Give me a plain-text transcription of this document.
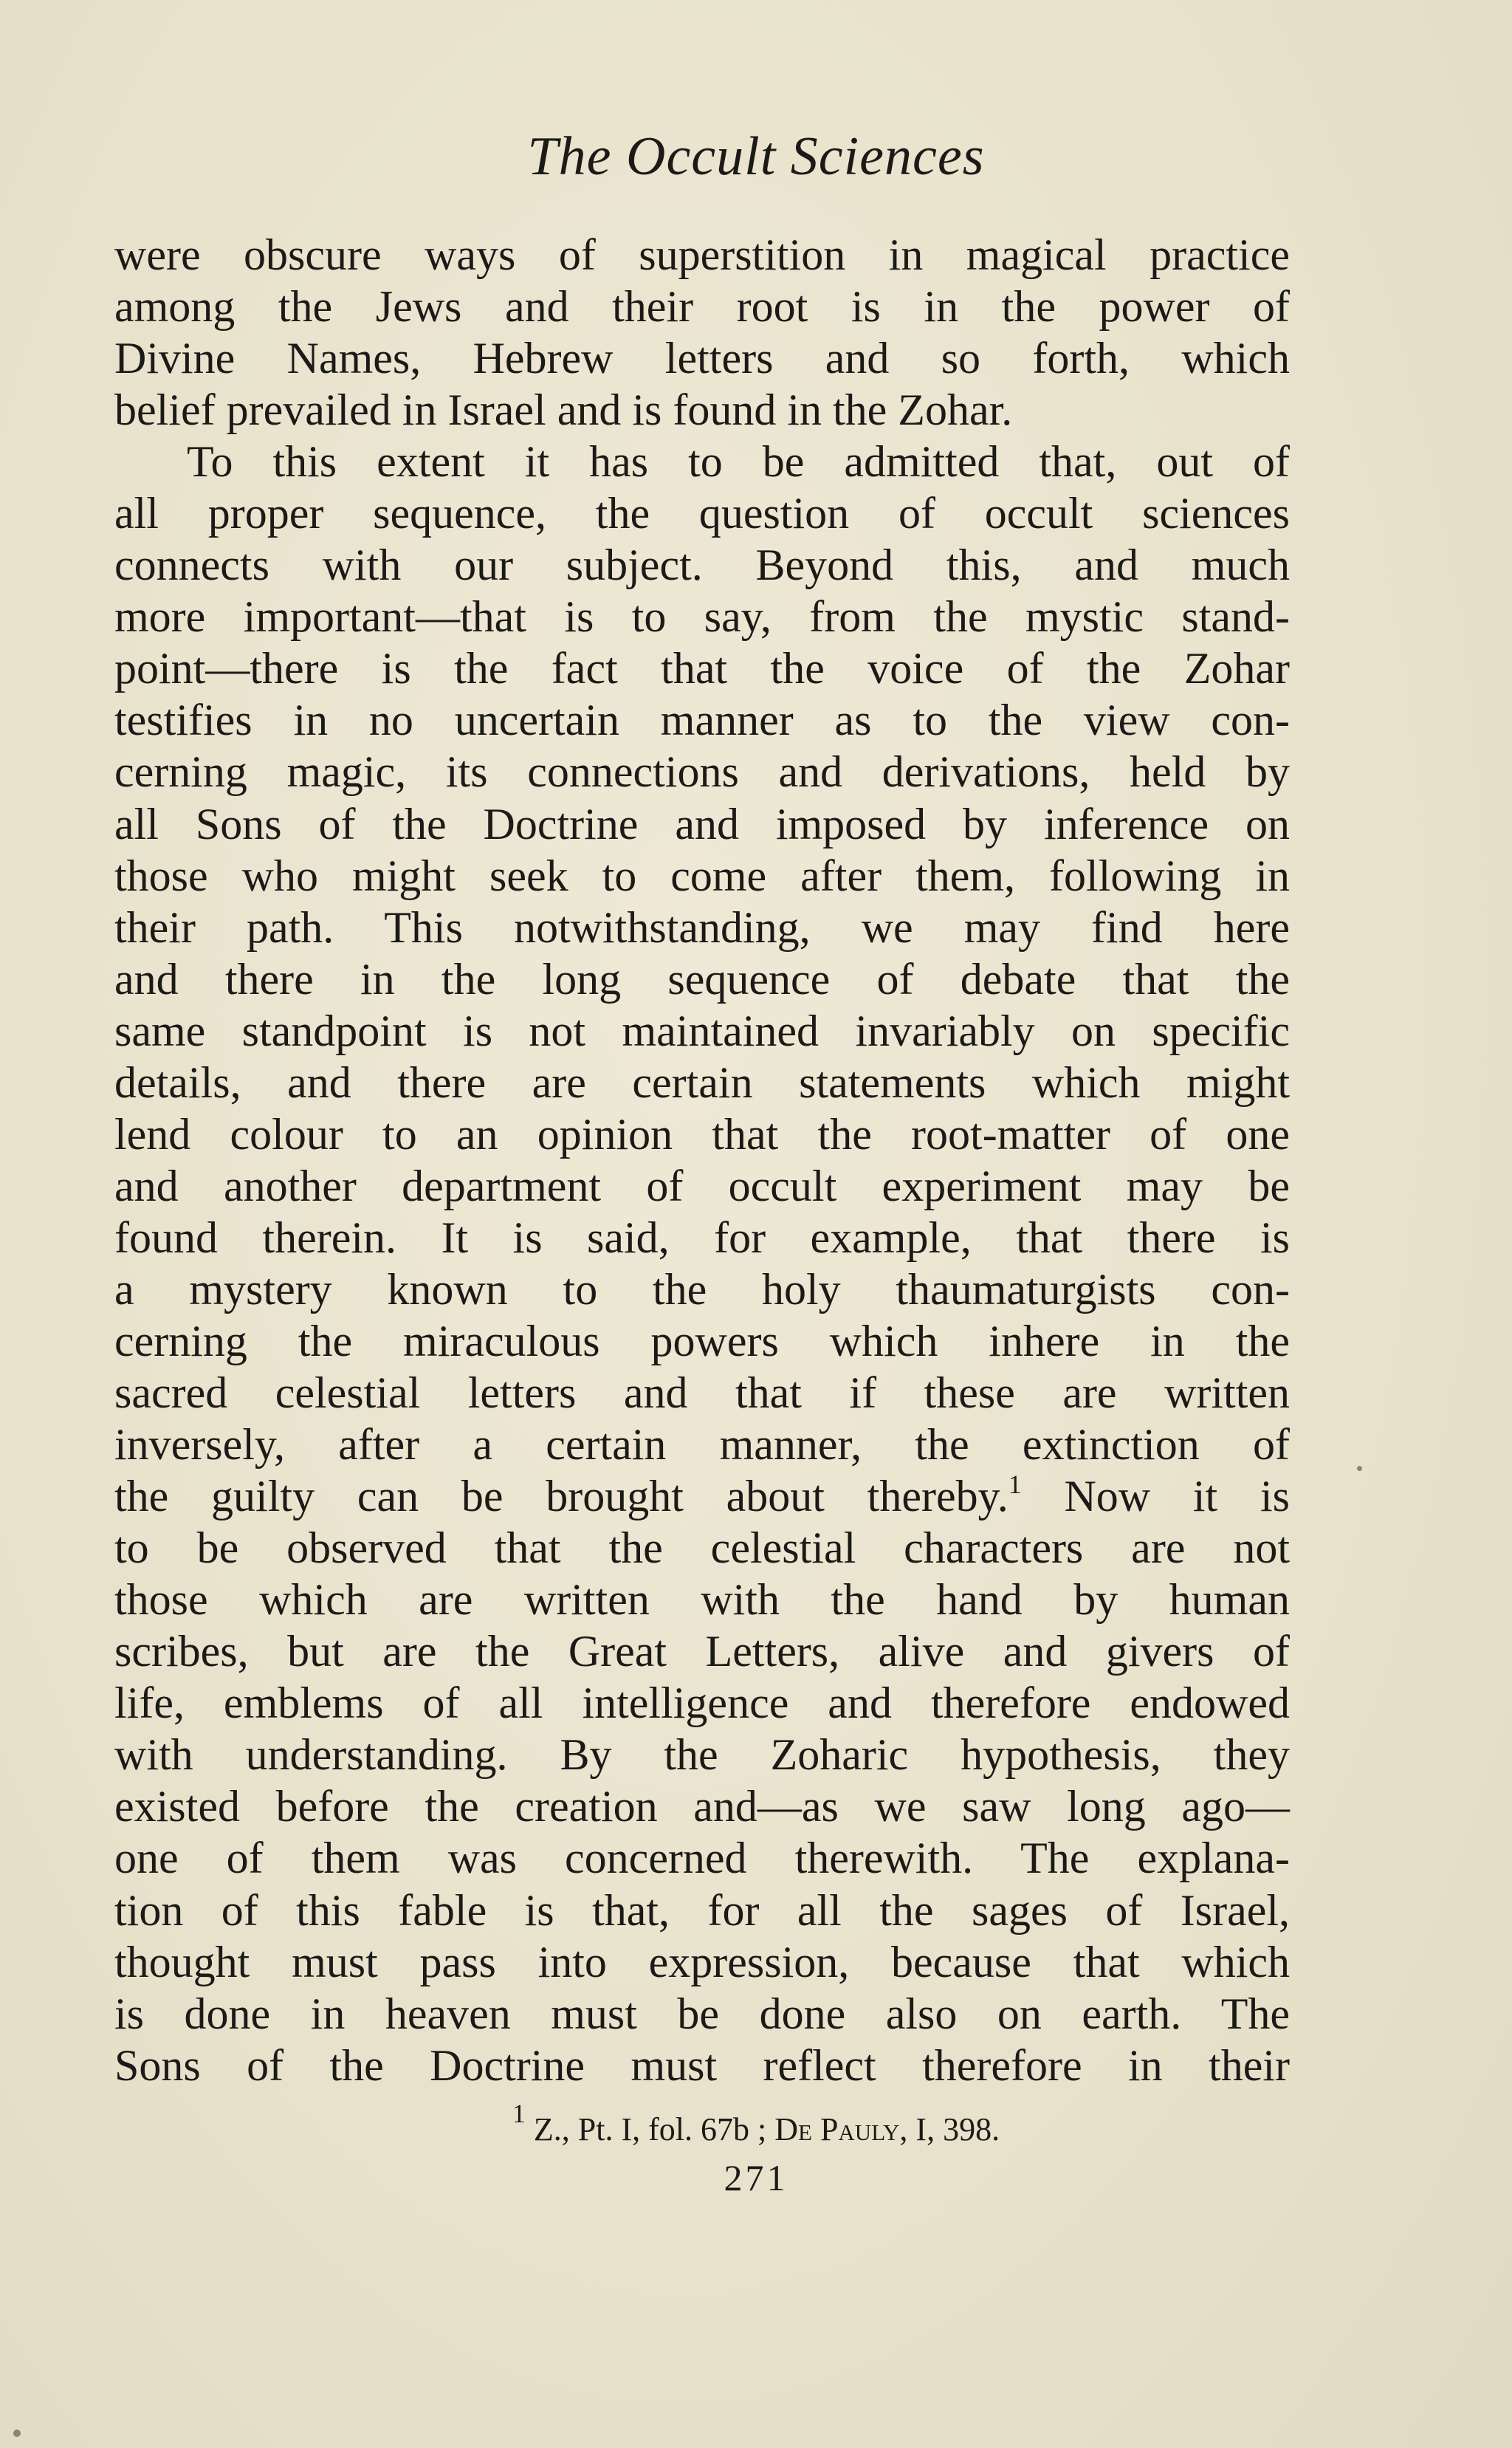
The Occult Sciences
were obscure ways of superstition in magical practice
among the Jews and their root is in the power of
Divine Names, Hebrew letters and so forth, which
belief prevailed in Israel and is found in the Zohar.
To this extent it has to be admitted that, out of
all proper sequence, the question of occult sciences
connects with our subject. Beyond this, and much
more important—that is to say, from the mystic stand-
point—there is the fact that the voice of the Zohar
testifies in no uncertain manner as to the view con-
cerning magic, its connections and derivations, held by
all Sons of the Doctrine and imposed by inference on
those who might seek to come after them, following in
their path. This notwithstanding, we may find here
and there in the long sequence of debate that the
same standpoint is not maintained invariably on specific
details, and there are certain statements which might
lend colour to an opinion that the root-matter of one
and another department of occult experiment may be
found therein. It is said, for example, that there is
a mystery known to the holy thaumaturgists con-
cerning the miraculous powers which inhere in the
sacred celestial letters and that if these are written
inversely, after a certain manner, the extinction of
the guilty can be brought about thereby.$^1$ Now it is
to be observed that the celestial characters are not
those which are written with the hand by human
scribes, but are the Great Letters, alive and givers of
life, emblems of all intelligence and therefore endowed
with understanding. By the Zoharic hypothesis, they
existed before the creation and—as we saw long ago—
one of them was concerned therewith. The explana-
tion of this fable is that, for all the sages of Israel,
thought must pass into expression, because that which
is done in heaven must be done also on earth. The
Sons of the Doctrine must reflect therefore in their
$^1$ Z., Pt. I, fol. 67b ; De Pauly, I, 398.
271
